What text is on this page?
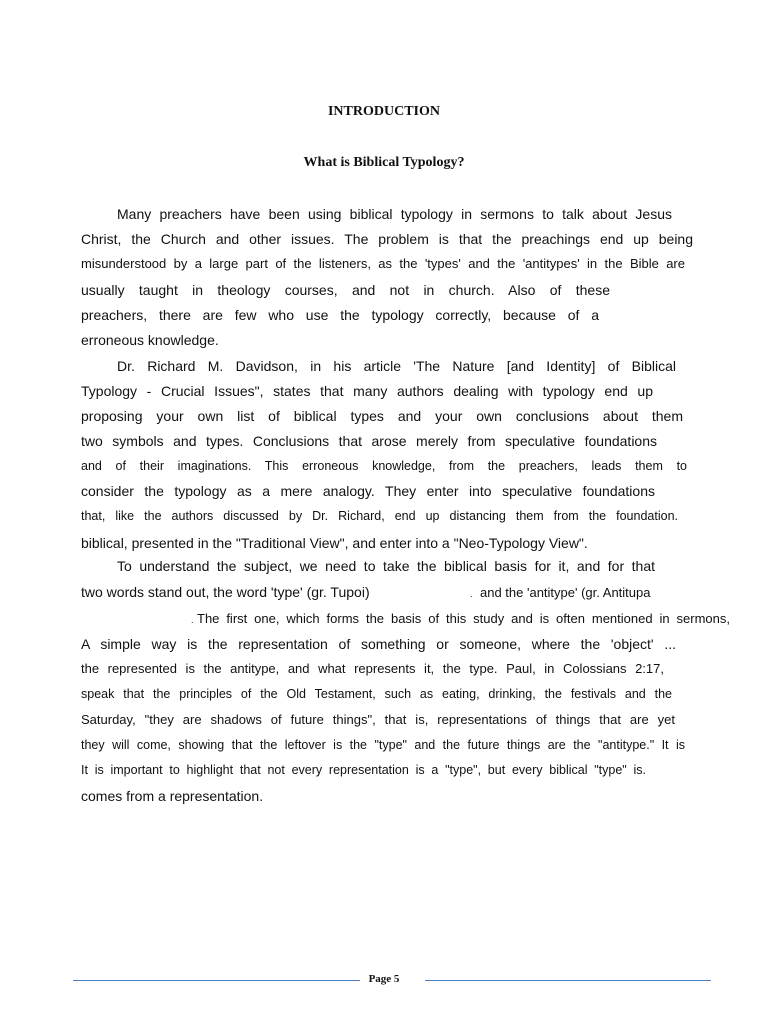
INTRODUCTION
What is Biblical Typology?

Many preachers have been using biblical typology in sermons to talk about Jesus

Christ, the Church and other issues. The problem is that the preachings end up being

misunderstood by a large part of the listeners, as the 'types' and the 'antitypes' in the Bible are

usually taught in theology courses, and not in church. Also of these

preachers, there are few who use the typology correctly, because of a

erroneous knowledge.

Dr. Richard M. Davidson, in his article 'The Nature [and Identity] of Biblical

Typology - Crucial Issues", states that many authors dealing with typology end up

proposing your own list of biblical types and your own conclusions about them

two symbols and types. Conclusions that arose merely from speculative foundations

and of their imaginations. This erroneous knowledge, from the preachers, leads them to

consider the typology as a mere analogy. They enter into speculative foundations

that, like the authors discussed by Dr. Richard, end up distancing them from the foundation.

biblical, presented in the "Traditional View", and enter into a "Neo-Typology View".

To understand the subject, we need to take the biblical basis for it, and for that

two words stand out, the word 'type' (gr. Tupoi)	. and the 'antitype' (gr. Antitupa

. The first one, which forms the basis of this study and is often mentioned in sermons,

A simple way is the representation of something or someone, where the 'object' ...

the represented is the antitype, and what represents it, the type. Paul, in Colossians 2:17,

speak that the principles of the Old Testament, such as eating, drinking, the festivals and the

Saturday, "they are shadows of future things", that is, representations of things that are yet

they will come, showing that the leftover is the "type" and the future things are the "antitype." It is

It is important to highlight that not every representation is a "type", but every biblical "type" is.

comes from a representation.

Page 5
